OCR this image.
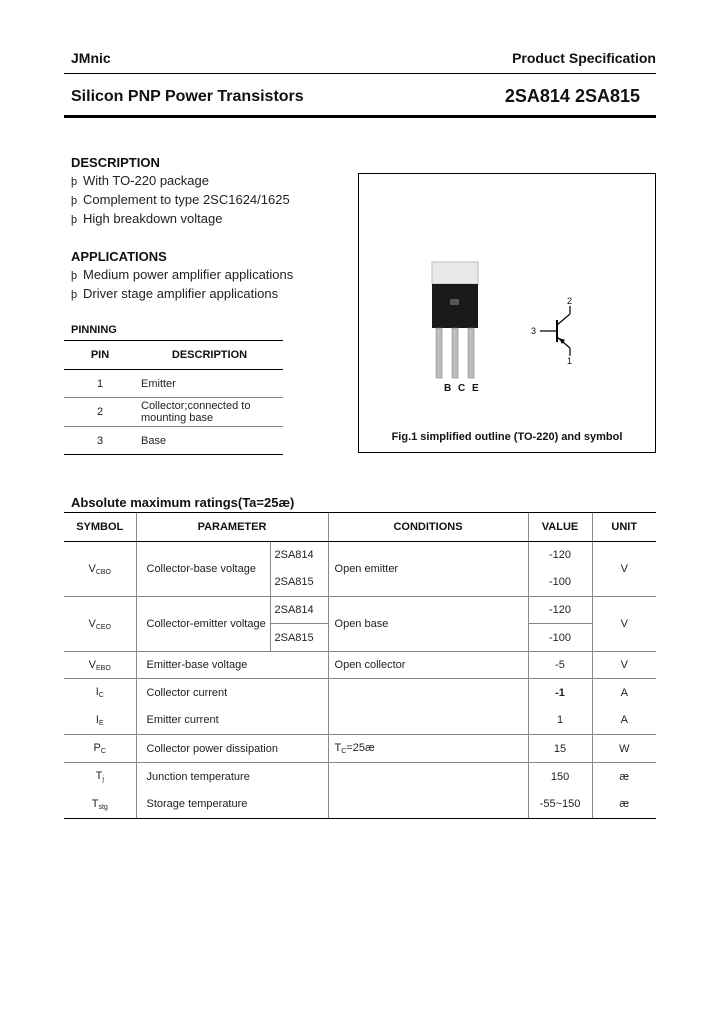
JMnic	Product Specification
Silicon PNP Power Transistors	2SA814 2SA815
DESCRIPTION
þ With TO-220 package
þ Complement to type 2SC1624/1625
þ High breakdown voltage
APPLICATIONS
þ Medium power amplifier applications
þ Driver stage amplifier applications
PINNING
PIN	DESCRIPTION
1	Emitter
2	Collector;connected to mounting base
3	Base
B C E
2
3
1
Fig.1 simplified outline (TO-220) and symbol
Absolute maximum ratings(Ta=25æ)
SYMBOL	PARAMETER		CONDITIONS	VALUE	UNIT
$V_{CBO}$	Collector-base voltage	2SA814	Open emitter	-120	V
		2SA815		-100	
$V_{CEO}$	Collector-emitter voltage	2SA814	Open base	-120	V
		2SA815		-100	
$V_{EBO}$	Emitter-base voltage		Open collector	-5	V
$I_C$	Collector current			-1	A
$I_E$	Emitter current			1	A
$P_C$	Collector power dissipation		$T_C=25æ$	15	W
$T_j$	Junction temperature			150	æ
$T_{stg}$	Storage temperature			-55~150	æ
